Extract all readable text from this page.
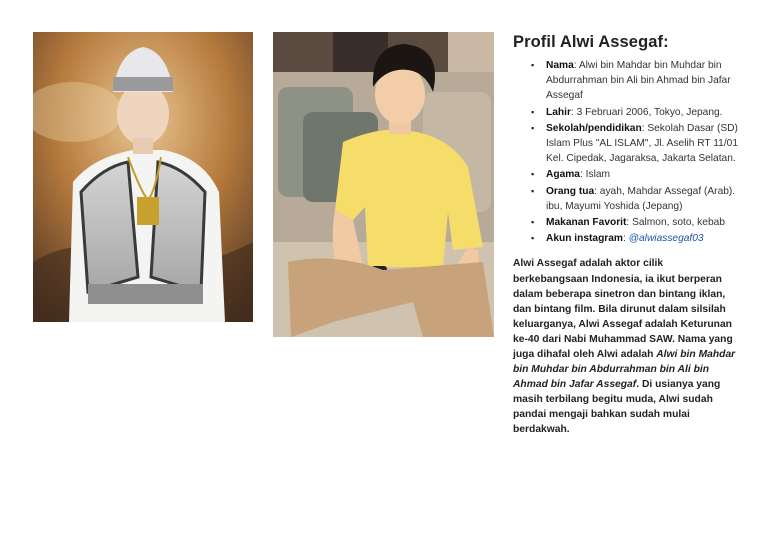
Profil Alwi Assegaf:
▪ Nama: Alwi bin Mahdar bin Muhdar bin Abdurrahman bin Ali bin Ahmad bin Jafar Assegaf
▪ Lahir: 3 Februari 2006, Tokyo, Jepang.
▪ Sekolah/pendidikan: Sekolah Dasar (SD) Islam Plus "AL ISLAM", Jl. Aselih RT 11/01 Kel. Cipedak, Jagaraksa, Jakarta Selatan.
▪ Agama: Islam
▪ Orang tua: ayah, Mahdar Assegaf (Arab). ibu, Mayumi Yoshida (Jepang)
▪ Makanan Favorit: Salmon, soto, kebab
▪ Akun instagram: @alwiassegaf03

Alwi Assegaf adalah aktor cilik berkebangsaan Indonesia, ia ikut berperan dalam beberapa sinetron dan bintang iklan, dan bintang film. Bila dirunut dalam silsilah keluarganya, Alwi Assegaf adalah Keturunan ke-40 dari Nabi Muhammad SAW. Nama yang juga dihafal oleh Alwi adalah Alwi bin Mahdar bin Muhdar bin Abdurrahman bin Ali bin Ahmad bin Jafar Assegaf. Di usianya yang masih terbilang begitu muda, Alwi sudah pandai mengaji bahkan sudah mulai berdakwah.
